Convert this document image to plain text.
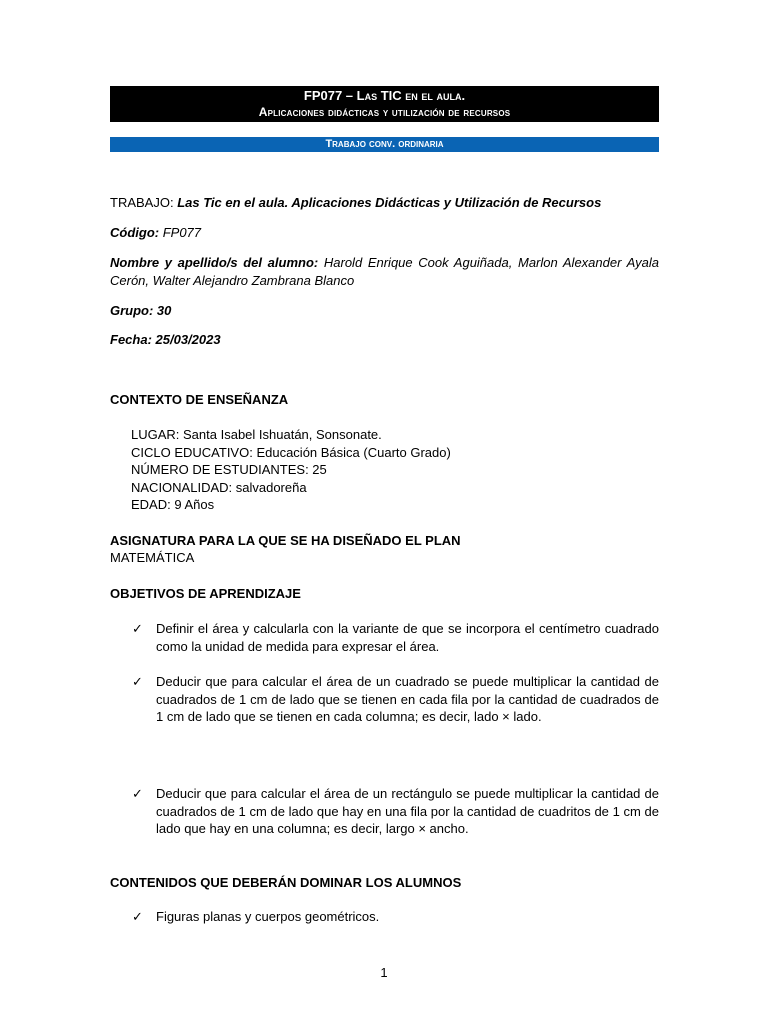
FP077 – Las TIC en el aula.
Aplicaciones didácticas y utilización de recursos
Trabajo conv. ordinaria
TRABAJO: Las Tic en el aula. Aplicaciones Didácticas y Utilización de Recursos
Código: FP077
Nombre y apellido/s del alumno: Harold Enrique Cook Aguiñada, Marlon Alexander Ayala Cerón, Walter Alejandro Zambrana Blanco
Grupo: 30
Fecha: 25/03/2023
CONTEXTO DE ENSEÑANZA
LUGAR: Santa Isabel Ishuatán, Sonsonate.
CICLO EDUCATIVO: Educación Básica (Cuarto Grado)
NÚMERO DE ESTUDIANTES: 25
NACIONALIDAD: salvadoreña
EDAD: 9 Años
ASIGNATURA PARA LA QUE SE HA DISEÑADO EL PLAN
MATEMÁTICA
OBJETIVOS DE APRENDIZAJE
✓	Definir el área y calcularla con la variante de que se incorpora el centímetro cuadrado como la unidad de medida para expresar el área.
✓	Deducir que para calcular el área de un cuadrado se puede multiplicar la cantidad de cuadrados de 1 cm de lado que se tienen en cada fila por la cantidad de cuadrados de 1 cm de lado que se tienen en cada columna; es decir, lado × lado.
✓	Deducir que para calcular el área de un rectángulo se puede multiplicar la cantidad de cuadrados de 1 cm de lado que hay en una fila por la cantidad de cuadritos de 1 cm de lado que hay en una columna; es decir, largo × ancho.
CONTENIDOS QUE DEBERÁN DOMINAR LOS ALUMNOS
✓	Figuras planas y cuerpos geométricos.
1
